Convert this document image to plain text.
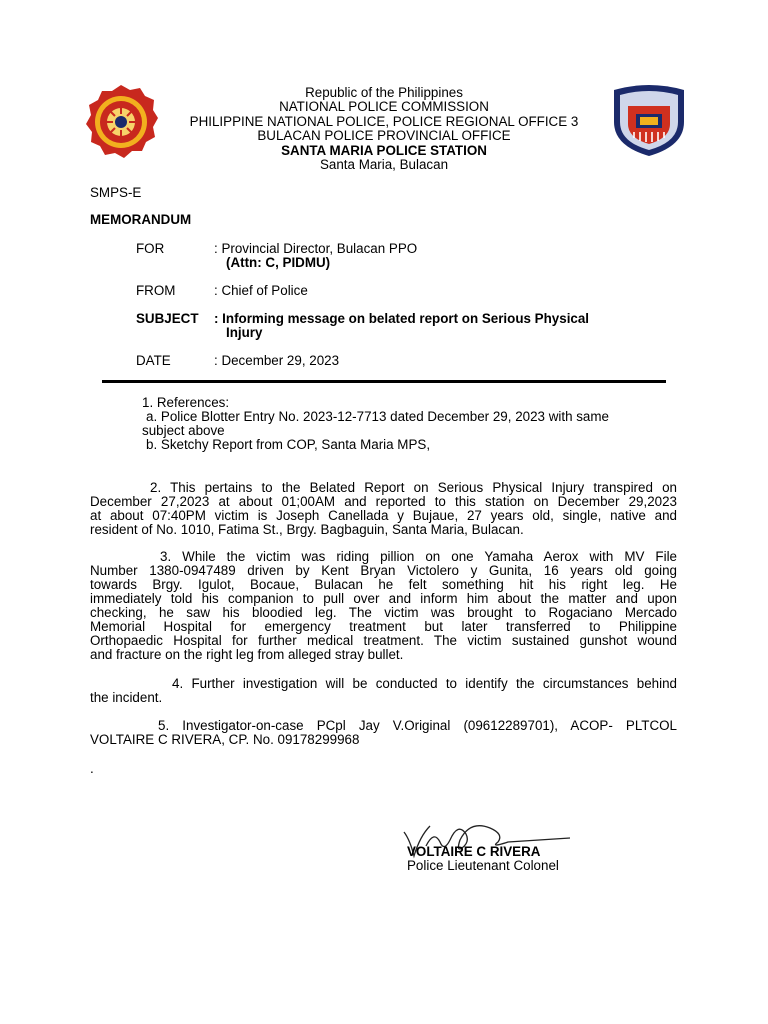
Republic of the Philippines
NATIONAL POLICE COMMISSION
PHILIPPINE NATIONAL POLICE, POLICE REGIONAL OFFICE 3
BULACAN POLICE PROVINCIAL OFFICE
SANTA MARIA POLICE STATION
Santa Maria, Bulacan
SMPS-E
MEMORANDUM
FOR	: Provincial Director, Bulacan PPO
(Attn: C, PIDMU)
FROM	: Chief of Police
SUBJECT : Informing message on belated report on Serious Physical
Injury
DATE	: December 29, 2023
1. References:
a. Police Blotter Entry No. 2023-12-7713 dated December 29, 2023 with same
subject above
b. Sketchy Report from COP, Santa Maria MPS,
2. This pertains to the Belated Report on Serious Physical Injury transpired on
December 27,2023 at about 01;00AM and reported to this station on December 29,2023
at about 07:40PM victim is Joseph Canellada y Bujaue, 27 years old, single, native and
resident of No. 1010, Fatima St., Brgy. Bagbaguin, Santa Maria, Bulacan.
3. While the victim was riding pillion on one Yamaha Aerox with MV File
Number 1380-0947489 driven by Kent Bryan Victolero y Gunita, 16 years old going
towards Brgy. Igulot, Bocaue, Bulacan he felt something hit his right leg. He
immediately told his companion to pull over and inform him about the matter and upon
checking, he saw his bloodied leg. The victim was brought to Rogaciano Mercado
Memorial Hospital for emergency treatment but later transferred to Philippine
Orthopaedic Hospital for further medical treatment. The victim sustained gunshot wound
and fracture on the right leg from alleged stray bullet.
4. Further investigation will be conducted to identify the circumstances behind
the incident.
5. Investigator-on-case PCpl Jay V.Original (09612289701), ACOP- PLTCOL
VOLTAIRE C RIVERA, CP. No. 09178299968
.
VOLTAIRE C RIVERA
Police Lieutenant Colonel
